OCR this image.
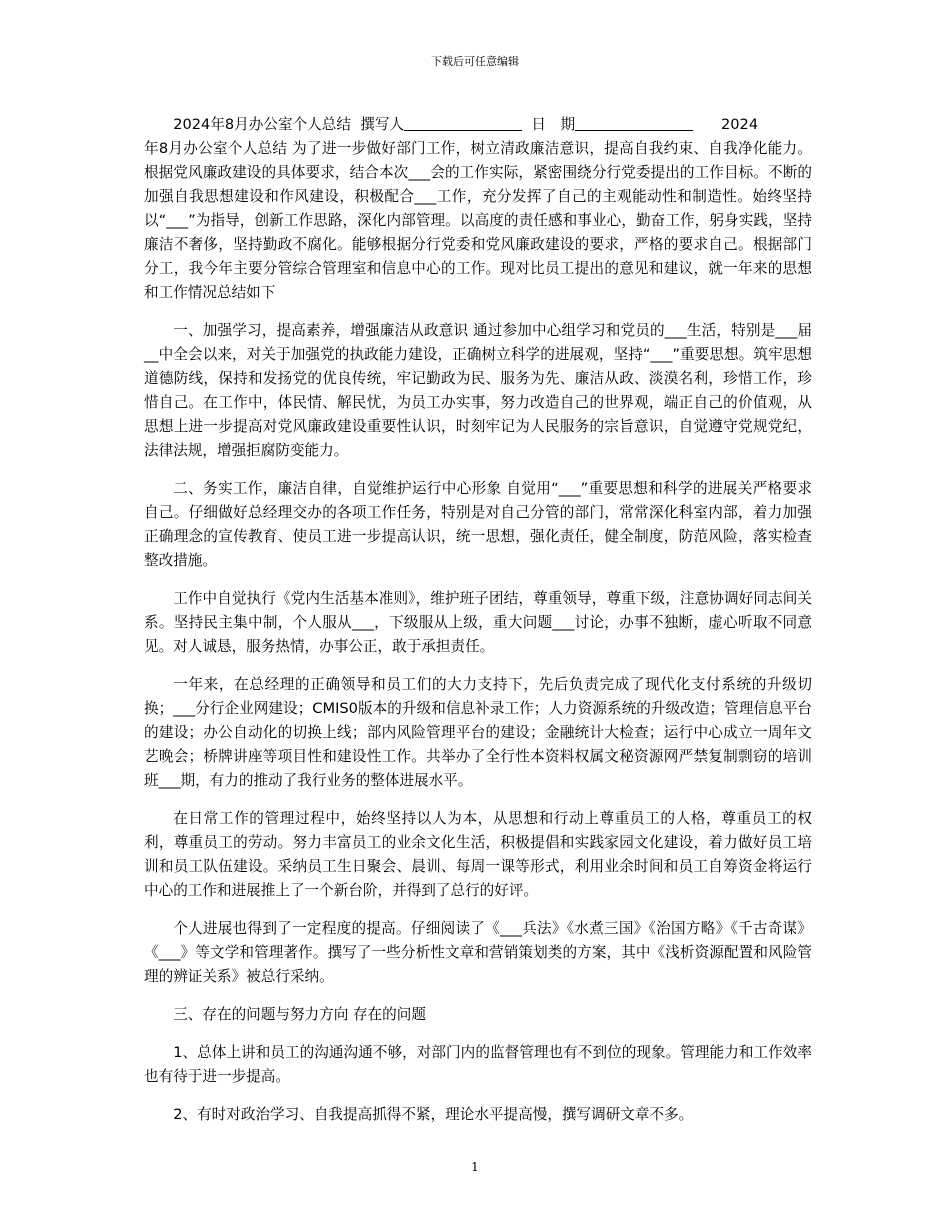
下载后可任意编辑
2024年8月办公室个人总结 撰写人	日　期	2024

年8月办公室个人总结 为了进一步做好部门工作，树立清政廉洁意识，提高自我约束、自我净化能力。根据党风廉政建设的具体要求，结合本次___会的工作实际，紧密围绕分行党委提出的工作目标。不断的加强自我思想建设和作风建设，积极配合___工作，充分发挥了自己的主观能动性和制造性。始终坚持以“___”为指导，创新工作思路，深化内部管理。以高度的责任感和事业心，勤奋工作，躬身实践，坚持廉洁不奢侈，坚持勤政不腐化。能够根据分行党委和党风廉政建设的要求，严格的要求自己。根据部门分工，我今年主要分管综合管理室和信息中心的工作。现对比员工提出的意见和建议，就一年来的思想和工作情况总结如下

一、加强学习，提高素养，增强廉洁从政意识 通过参加中心组学习和党员的___生活，特别是___届__中全会以来，对关于加强党的执政能力建设，正确树立科学的进展观，坚持“___”重要思想。筑牢思想道德防线，保持和发扬党的优良传统，牢记勤政为民、服务为先、廉洁从政、淡漠名利，珍惜工作，珍惜自己。在工作中，体民情、解民忧，为员工办实事，努力改造自己的世界观，端正自己的价值观，从思想上进一步提高对党风廉政建设重要性认识，时刻牢记为人民服务的宗旨意识，自觉遵守党规党纪，法律法规，增强拒腐防变能力。

二、务实工作，廉洁自律，自觉维护运行中心形象 自觉用“___”重要思想和科学的进展关严格要求自己。仔细做好总经理交办的各项工作任务，特别是对自己分管的部门，常常深化科室内部，着力加强正确理念的宣传教育、使员工进一步提高认识，统一思想，强化责任，健全制度，防范风险，落实检查整改措施。

工作中自觉执行《党内生活基本准则》，维护班子团结，尊重领导，尊重下级，注意协调好同志间关系。坚持民主集中制，个人服从___，下级服从上级，重大问题___讨论，办事不独断，虚心听取不同意见。对人诚恳，服务热情，办事公正，敢于承担责任。

一年来，在总经理的正确领导和员工们的大力支持下，先后负责完成了现代化支付系统的升级切换；___分行企业网建设；CMIS0版本的升级和信息补录工作；人力资源系统的升级改造；管理信息平台的建设；办公自动化的切换上线；部内风险管理平台的建设；金融统计大检查；运行中心成立一周年文艺晚会；桥牌讲座等项目性和建设性工作。共举办了全行性本资料权属文秘资源网严禁复制剽窃的培训班___期，有力的推动了我行业务的整体进展水平。

在日常工作的管理过程中，始终坚持以人为本，从思想和行动上尊重员工的人格，尊重员工的权利，尊重员工的劳动。努力丰富员工的业余文化生活，积极提倡和实践家园文化建设，着力做好员工培训和员工队伍建设。采纳员工生日聚会、晨训、每周一课等形式，利用业余时间和员工自筹资金将运行中心的工作和进展推上了一个新台阶，并得到了总行的好评。

个人进展也得到了一定程度的提高。仔细阅读了《___兵法》《水煮三国》《治国方略》《千古奇谋》《___》等文学和管理著作。撰写了一些分析性文章和营销策划类的方案，其中《浅析资源配置和风险管理的辨证关系》被总行采纳。

三、存在的问题与努力方向 存在的问题

1、总体上讲和员工的沟通沟通不够，对部门内的监督管理也有不到位的现象。管理能力和工作效率也有待于进一步提高。

2、有时对政治学习、自我提高抓得不紧，理论水平提高慢，撰写调研文章不多。

1
